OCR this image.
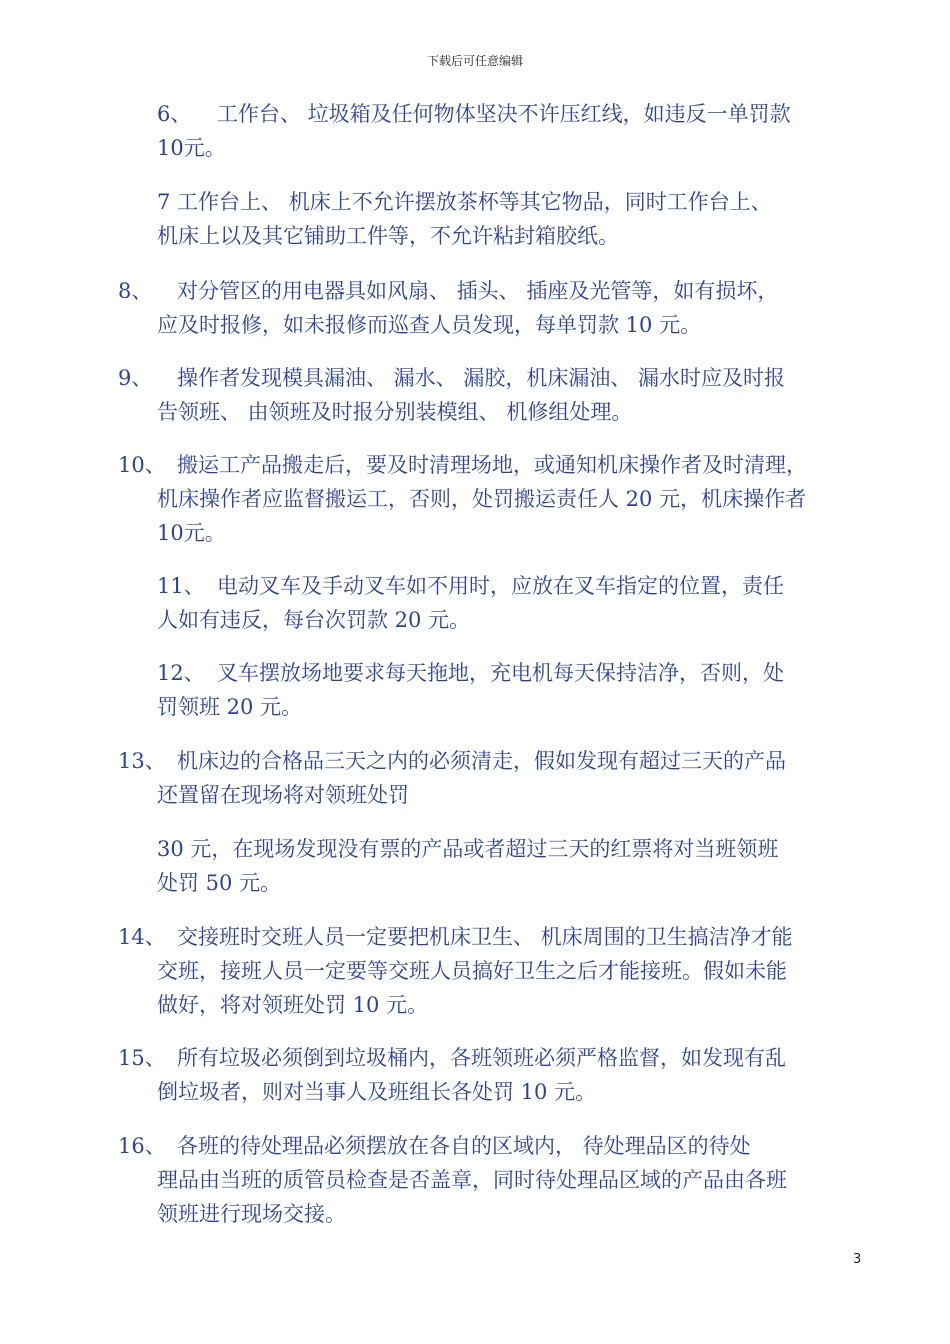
下载后可任意编辑
6、 工作台、 垃圾箱及任何物体坚决不许压红线，如违反一单罚款
10元。
7 工作台上、 机床上不允许摆放茶杯等其它物品，同时工作台上、
机床上以及其它铺助工件等，不允许粘封箱胶纸。
8、 对分管区的用电器具如风扇、 插头、 插座及光管等，如有损坏，
应及时报修，如未报修而巡查人员发现，每单罚款 10 元。
9、 操作者发现模具漏油、 漏水、 漏胶，机床漏油、 漏水时应及时报
告领班、 由领班及时报分别装模组、 机修组处理。
10、 搬运工产品搬走后，要及时清理场地，或通知机床操作者及时清理，
机床操作者应监督搬运工，否则，处罚搬运责任人 20 元，机床操作者
10元。
11、 电动叉车及手动叉车如不用时，应放在叉车指定的位置，责任
人如有违反，每台次罚款 20 元。
12、 叉车摆放场地要求每天拖地，充电机每天保持洁净，否则，处
罚领班 20 元。
13、 机床边的合格品三天之内的必须清走，假如发现有超过三天的产品
还置留在现场将对领班处罚
30 元，在现场发现没有票的产品或者超过三天的红票将对当班领班
处罚 50 元。
14、 交接班时交班人员一定要把机床卫生、 机床周围的卫生搞洁净才能
交班，接班人员一定要等交班人员搞好卫生之后才能接班。假如未能
做好，将对领班处罚 10 元。
15、 所有垃圾必须倒到垃圾桶内，各班领班必须严格监督，如发现有乱
倒垃圾者，则对当事人及班组长各处罚 10 元。
16、 各班的待处理品必须摆放在各自的区域内， 待处理品区的待处
理品由当班的质管员检查是否盖章，同时待处理品区域的产品由各班
领班进行现场交接。
3
